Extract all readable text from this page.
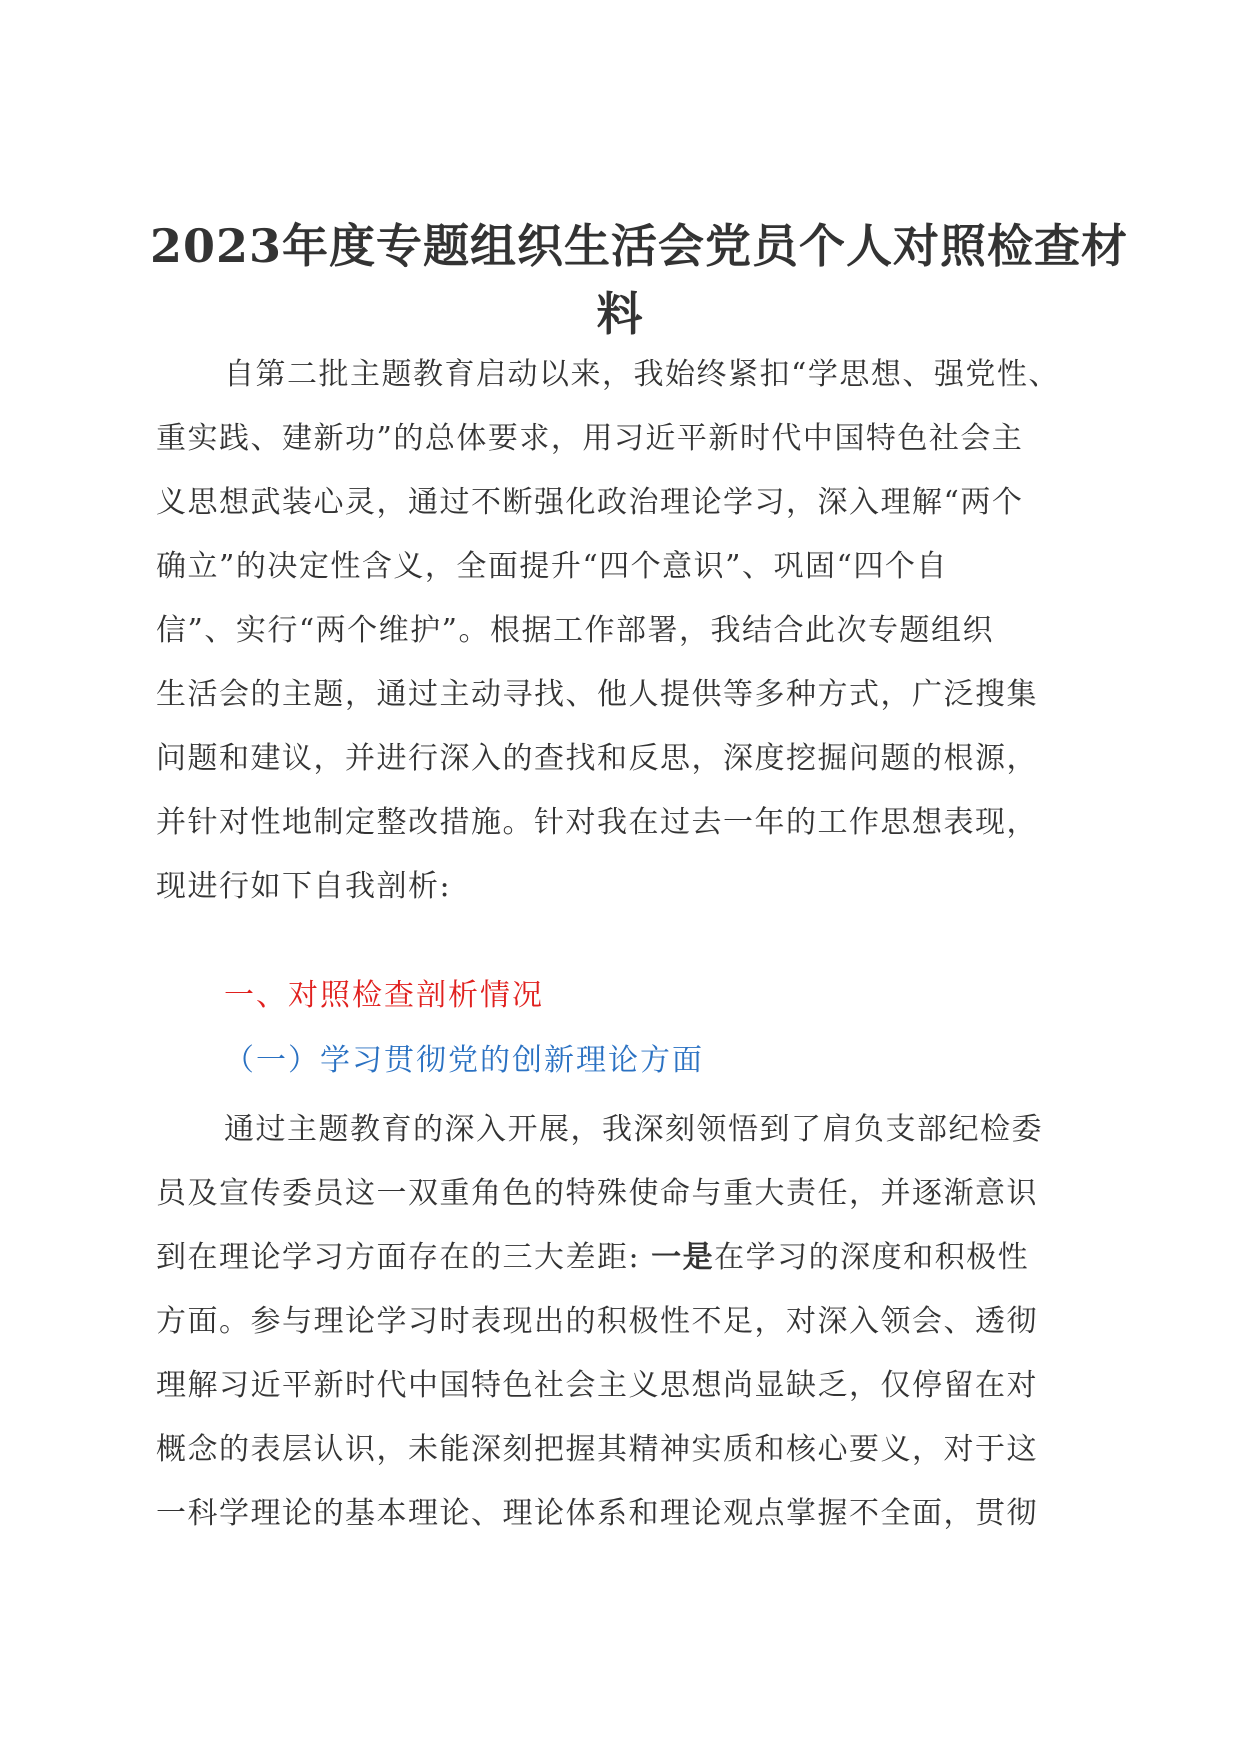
2023年度专题组织生活会党员个人对照检查材
料
自第二批主题教育启动以来，我始终紧扣“学思想、强党性、
重实践、建新功”的总体要求，用习近平新时代中国特色社会主
义思想武装心灵，通过不断强化政治理论学习，深入理解“两个
确立”的决定性含义，全面提升“四个意识”、巩固“四个自
信”、实行“两个维护”。根据工作部署，我结合此次专题组织
生活会的主题，通过主动寻找、他人提供等多种方式，广泛搜集
问题和建议，并进行深入的查找和反思，深度挖掘问题的根源，
并针对性地制定整改措施。针对我在过去一年的工作思想表现，
现进行如下自我剖析:
一、对照检查剖析情况
（一）学习贯彻党的创新理论方面
通过主题教育的深入开展，我深刻领悟到了肩负支部纪检委
员及宣传委员这一双重角色的特殊使命与重大责任，并逐渐意识
到在理论学习方面存在的三大差距: 一是在学习的深度和积极性
方面。参与理论学习时表现出的积极性不足，对深入领会、透彻
理解习近平新时代中国特色社会主义思想尚显缺乏，仅停留在对
概念的表层认识，未能深刻把握其精神实质和核心要义，对于这
一科学理论的基本理论、理论体系和理论观点掌握不全面，贯彻
